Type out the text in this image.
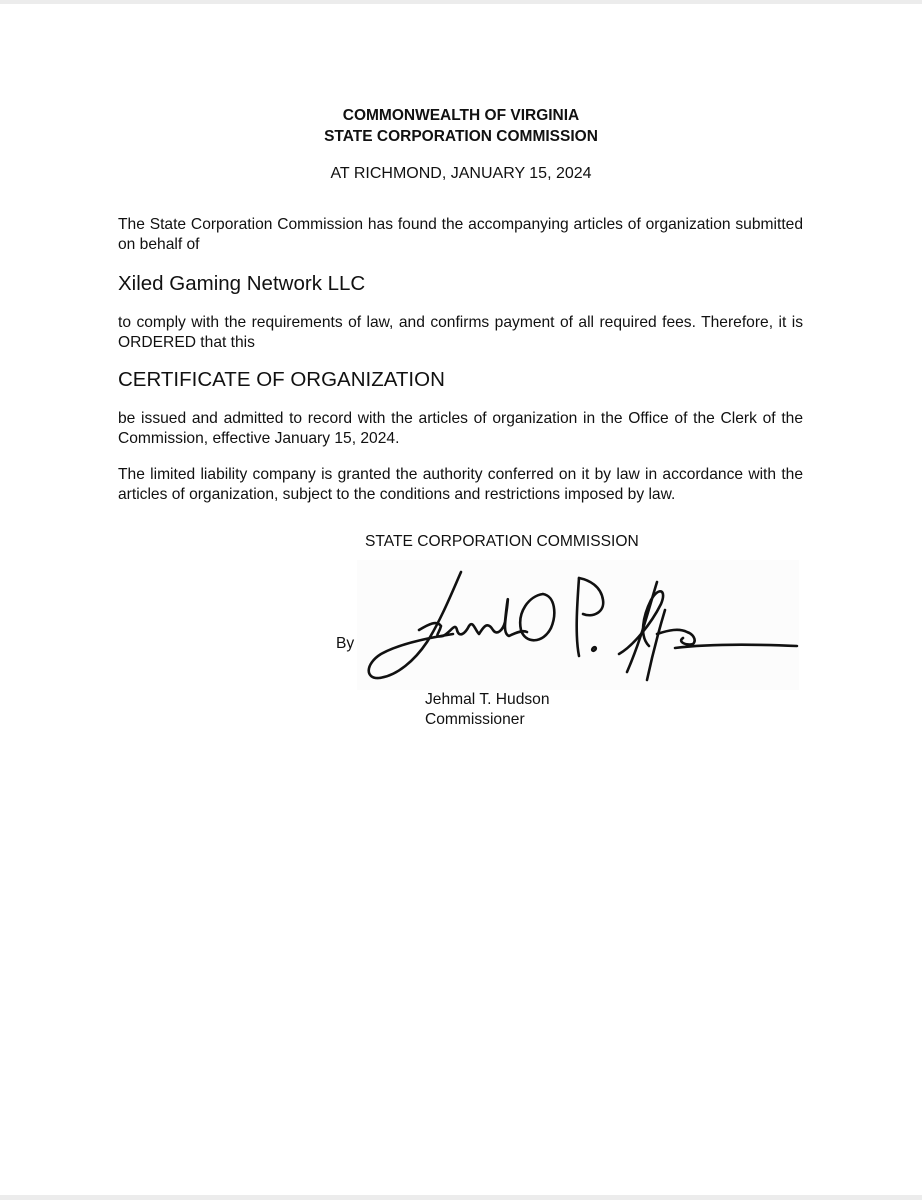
COMMONWEALTH OF VIRGINIA
STATE CORPORATION COMMISSION
AT RICHMOND, JANUARY 15, 2024
The State Corporation Commission has found the accompanying articles of organization submitted on behalf of
Xiled Gaming Network LLC
to comply with the requirements of law, and confirms payment of all required fees. Therefore, it is ORDERED that this
CERTIFICATE OF ORGANIZATION
be issued and admitted to record with the articles of organization in the Office of the Clerk of the Commission, effective January 15, 2024.
The limited liability company is granted the authority conferred on it by law in accordance with the articles of organization, subject to the conditions and restrictions imposed by law.
STATE CORPORATION COMMISSION
By
Jehmal T. Hudson
Commissioner
